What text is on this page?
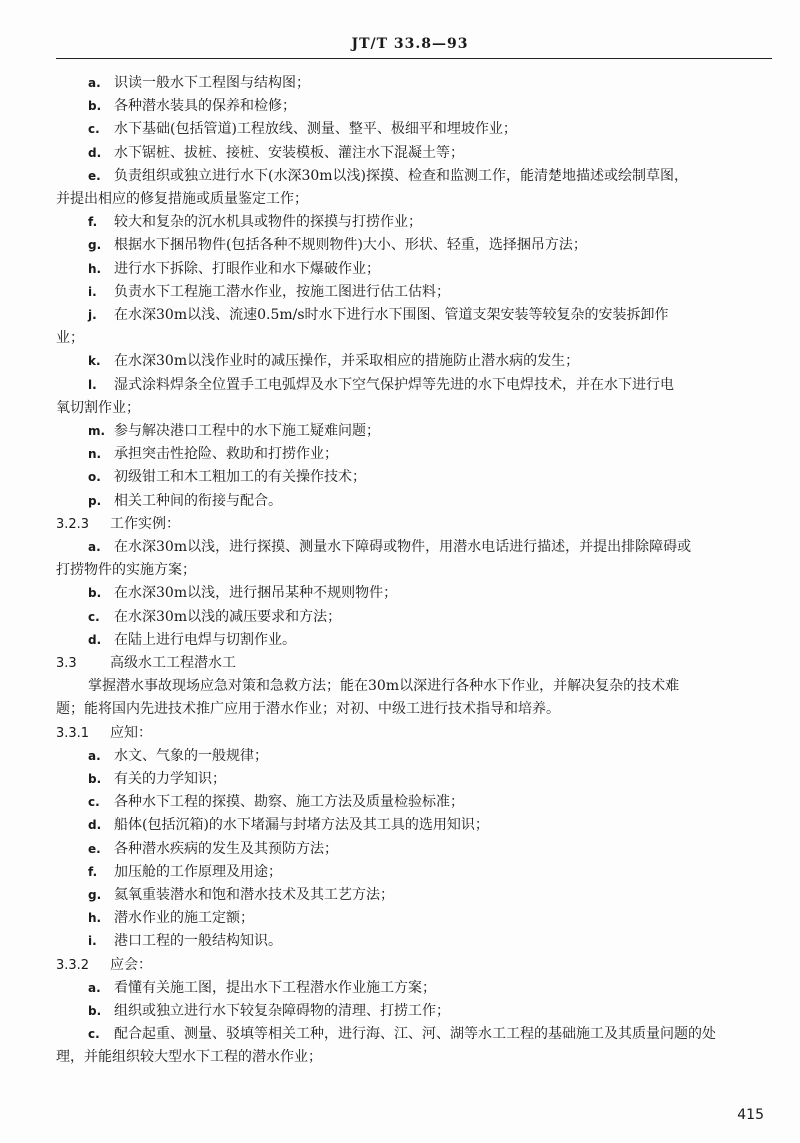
JT/T 33.8—93
a. 识读一般水下工程图与结构图；
b. 各种潜水装具的保养和检修；
c. 水下基础(包括管道)工程放线、测量、整平、极细平和埋坡作业；
d. 水下锯桩、拔桩、接桩、安装模板、灌注水下混凝土等；
e. 负责组织或独立进行水下(水深30m以浅)探摸、检查和监测工作，能清楚地描述或绘制草图，
并提出相应的修复措施或质量鉴定工作；
f. 较大和复杂的沉水机具或物件的探摸与打捞作业；
g. 根据水下捆吊物件(包括各种不规则物件)大小、形状、轻重，选择捆吊方法；
h. 进行水下拆除、打眼作业和水下爆破作业；
i. 负责水下工程施工潜水作业，按施工图进行估工估料；
j. 在水深30m以浅、流速0.5m/s时水下进行水下围图、管道支架安装等较复杂的安装拆卸作
业；
k. 在水深30m以浅作业时的减压操作，并采取相应的措施防止潜水病的发生；
l. 湿式涂料焊条全位置手工电弧焊及水下空气保护焊等先进的水下电焊技术，并在水下进行电
氧切割作业；
m. 参与解决港口工程中的水下施工疑难问题；
n. 承担突击性抢险、救助和打捞作业；
o. 初级钳工和木工粗加工的有关操作技术；
p. 相关工种间的衔接与配合。
3.2.3 工作实例：
a. 在水深30m以浅，进行探摸、测量水下障碍或物件，用潜水电话进行描述，并提出排除障碍或
打捞物件的实施方案；
b. 在水深30m以浅，进行捆吊某种不规则物件；
c. 在水深30m以浅的减压要求和方法；
d. 在陆上进行电焊与切割作业。
3.3 高级水工工程潜水工
掌握潜水事故现场应急对策和急救方法；能在30m以深进行各种水下作业，并解决复杂的技术难
题；能将国内先进技术推广应用于潜水作业；对初、中级工进行技术指导和培养。
3.3.1 应知：
a. 水文、气象的一般规律；
b. 有关的力学知识；
c. 各种水下工程的探摸、勘察、施工方法及质量检验标准；
d. 船体(包括沉箱)的水下堵漏与封堵方法及其工具的选用知识；
e. 各种潜水疾病的发生及其预防方法；
f. 加压舱的工作原理及用途；
g. 氦氧重装潜水和饱和潜水技术及其工艺方法；
h. 潜水作业的施工定额；
i. 港口工程的一般结构知识。
3.3.2 应会：
a. 看懂有关施工图，提出水下工程潜水作业施工方案；
b. 组织或独立进行水下较复杂障碍物的清理、打捞工作；
c. 配合起重、测量、驳填等相关工种，进行海、江、河、湖等水工工程的基础施工及其质量问题的处
理，并能组织较大型水下工程的潜水作业；
415
